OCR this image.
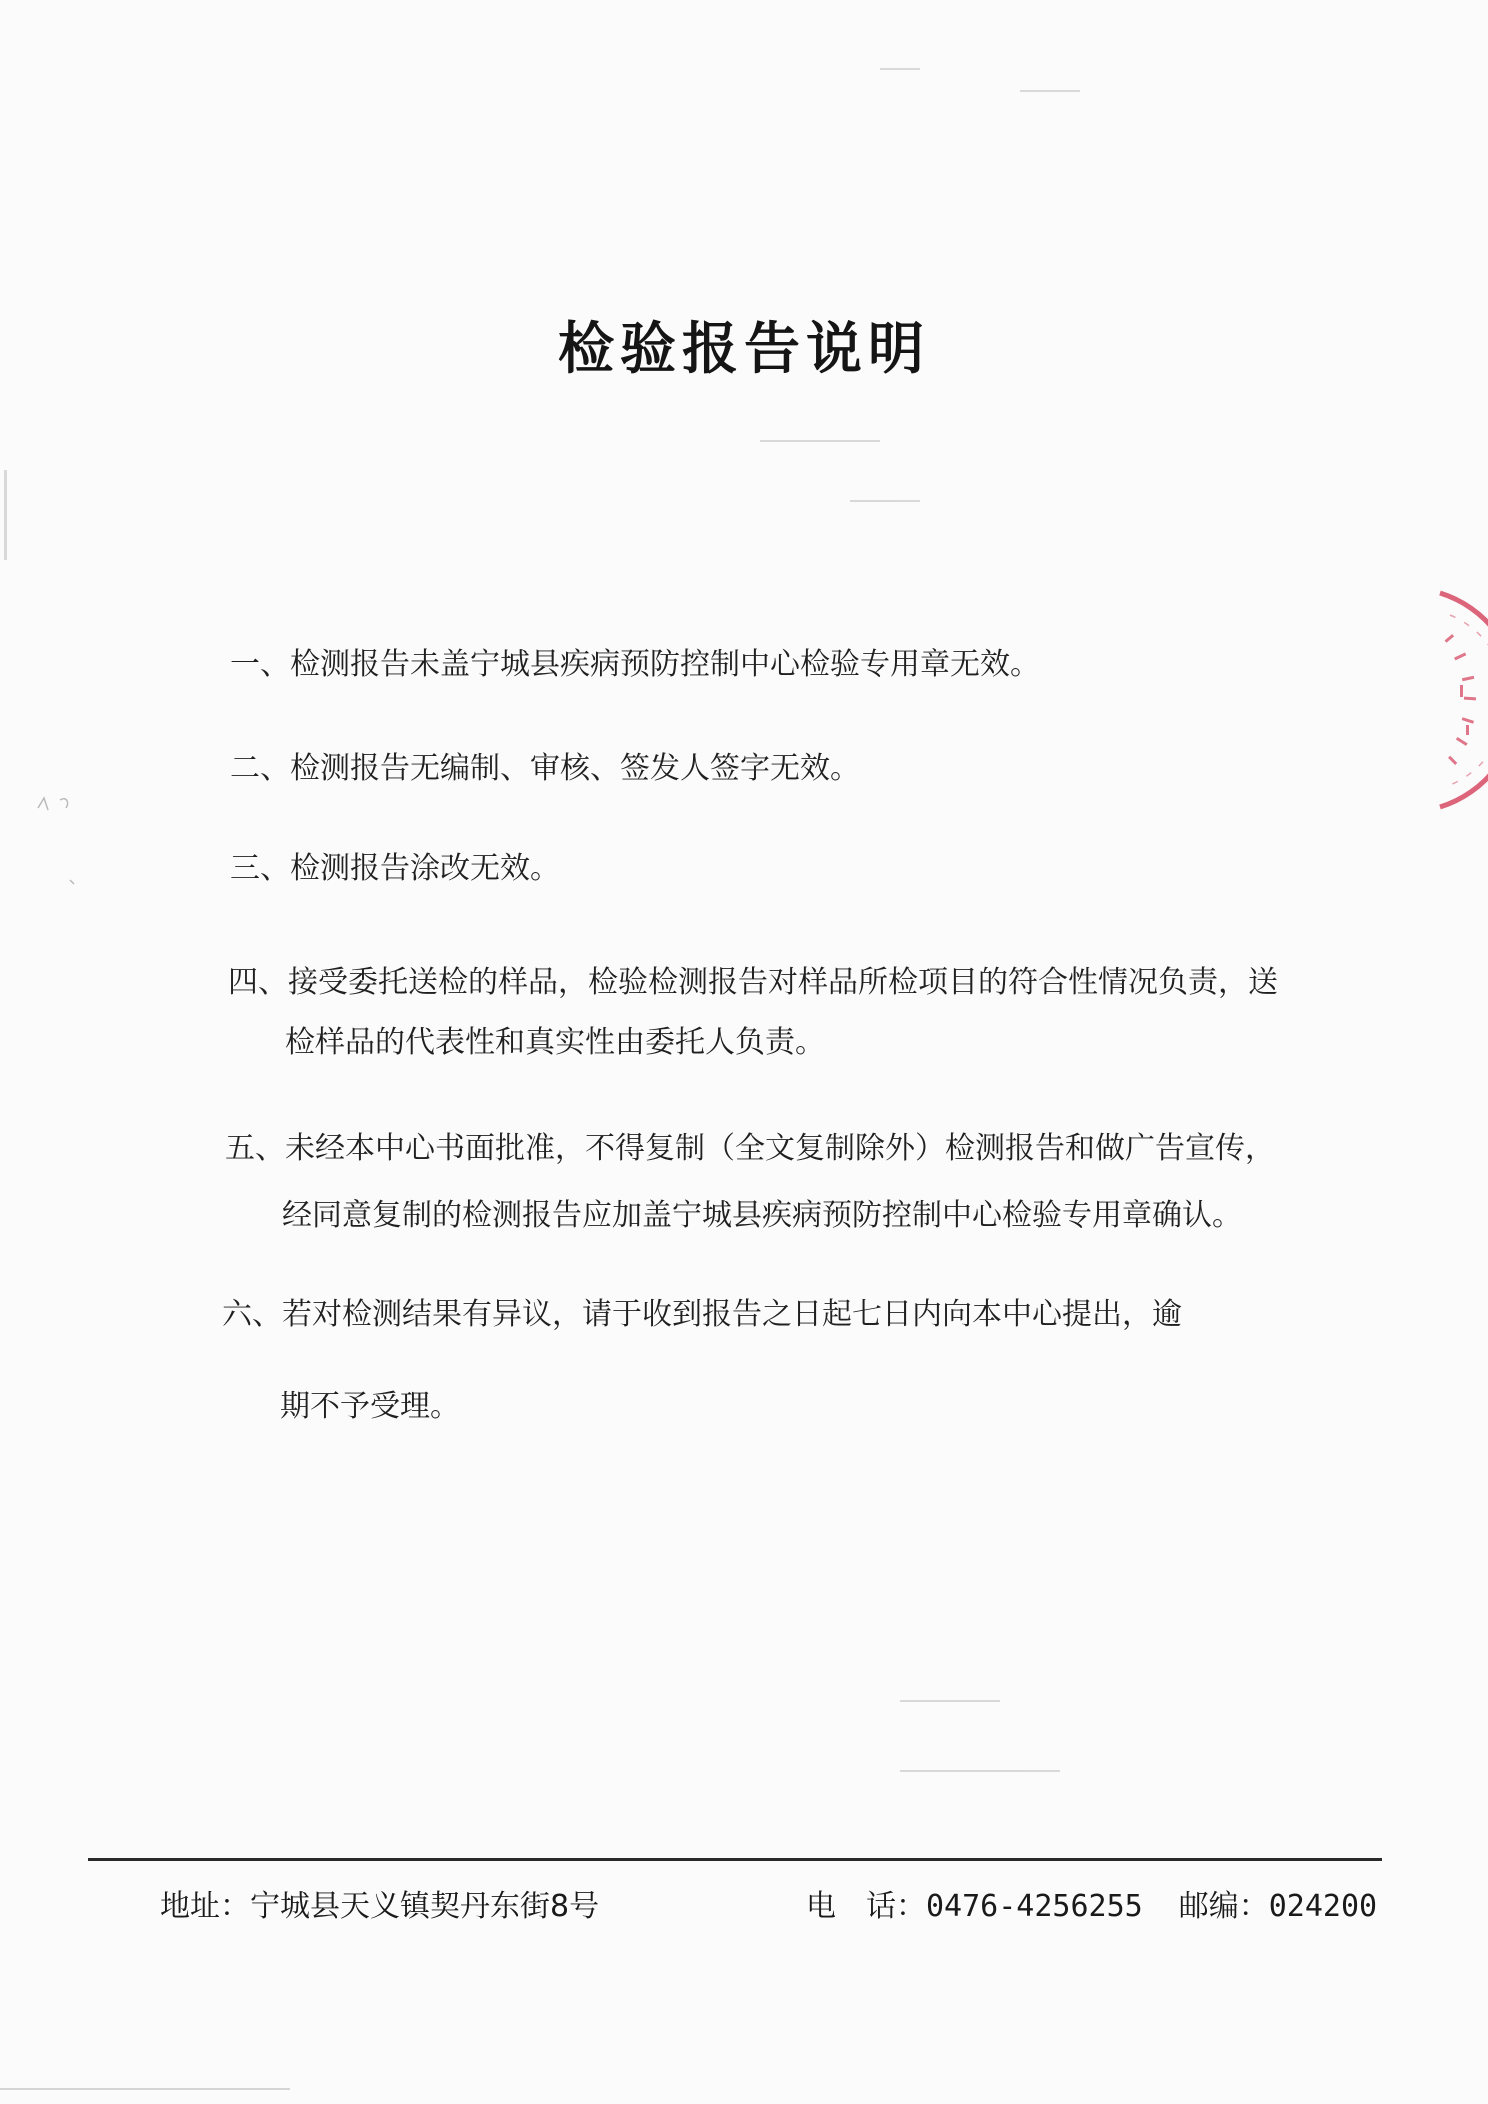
检验报告说明
一、检测报告未盖宁城县疾病预防控制中心检验专用章无效。
二、检测报告无编制、审核、签发人签字无效。
三、检测报告涂改无效。
四、接受委托送检的样品，检验检测报告对样品所检项目的符合性情况负责，送
检样品的代表性和真实性由委托人负责。
五、未经本中心书面批准，不得复制（全文复制除外）检测报告和做广告宣传，
经同意复制的检测报告应加盖宁城县疾病预防控制中心检验专用章确认。
六、若对检测结果有异议，请于收到报告之日起七日内向本中心提出，逾
期不予受理。
地址：宁城县天义镇契丹东街8号	电　话：0476-4256255 邮编：024200
